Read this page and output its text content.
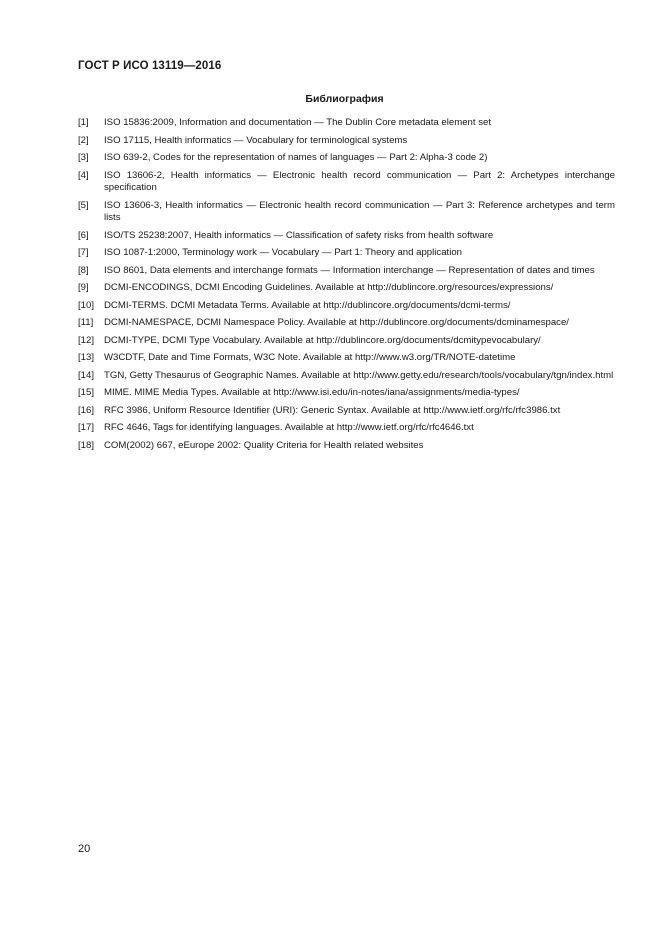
ГОСТ Р ИСО 13119—2016
Библиография
[1]	ISO 15836:2009, Information and documentation — The Dublin Core metadata element set
[2]	ISO 17115, Health informatics — Vocabulary for terminological systems
[3]	ISO 639-2, Codes for the representation of names of languages — Part 2: Alpha-3 code 2)
[4]	ISO 13606-2, Health informatics — Electronic health record communication — Part 2: Archetypes interchange specification
[5]	ISO 13606-3, Health informatics — Electronic health record communication — Part 3: Reference archetypes and term lists
[6]	ISO/TS 25238:2007, Health informatics — Classification of safety risks from health software
[7]	ISO 1087-1:2000, Terminology work — Vocabulary — Part 1: Theory and application
[8]	ISO 8601, Data elements and interchange formats — Information interchange — Representation of dates and times
[9]	DCMI-ENCODINGS, DCMI Encoding Guidelines. Available at http://dublincore.org/resources/expressions/
[10]	DCMI-TERMS. DCMI Metadata Terms. Available at http://dublincore.org/documents/dcmi-terms/
[11]	DCMI-NAMESPACE, DCMI Namespace Policy. Available at http://dublincore.org/documents/dcminamespace/
[12]	DCMI-TYPE, DCMI Type Vocabulary. Available at http://dublincore.org/documents/dcmitypevocabulary/
[13]	W3CDTF, Date and Time Formats, W3C Note. Available at http://www.w3.org/TR/NOTE-datetime
[14]	TGN, Getty Thesaurus of Geographic Names. Available at http://www.getty.edu/research/tools/vocabulary/tgn/index.html
[15]	MIME. MIME Media Types. Available at http://www.isi.edu/in-notes/iana/assignments/media-types/
[16]	RFC 3986, Uniform Resource Identifier (URI): Generic Syntax. Available at http://www.ietf.org/rfc/rfc3986.txt
[17]	RFC 4646, Tags for identifying languages. Available at http://www.ietf.org/rfc/rfc4646.txt
[18]	COM(2002) 667, eEurope 2002: Quality Criteria for Health related websites
20
